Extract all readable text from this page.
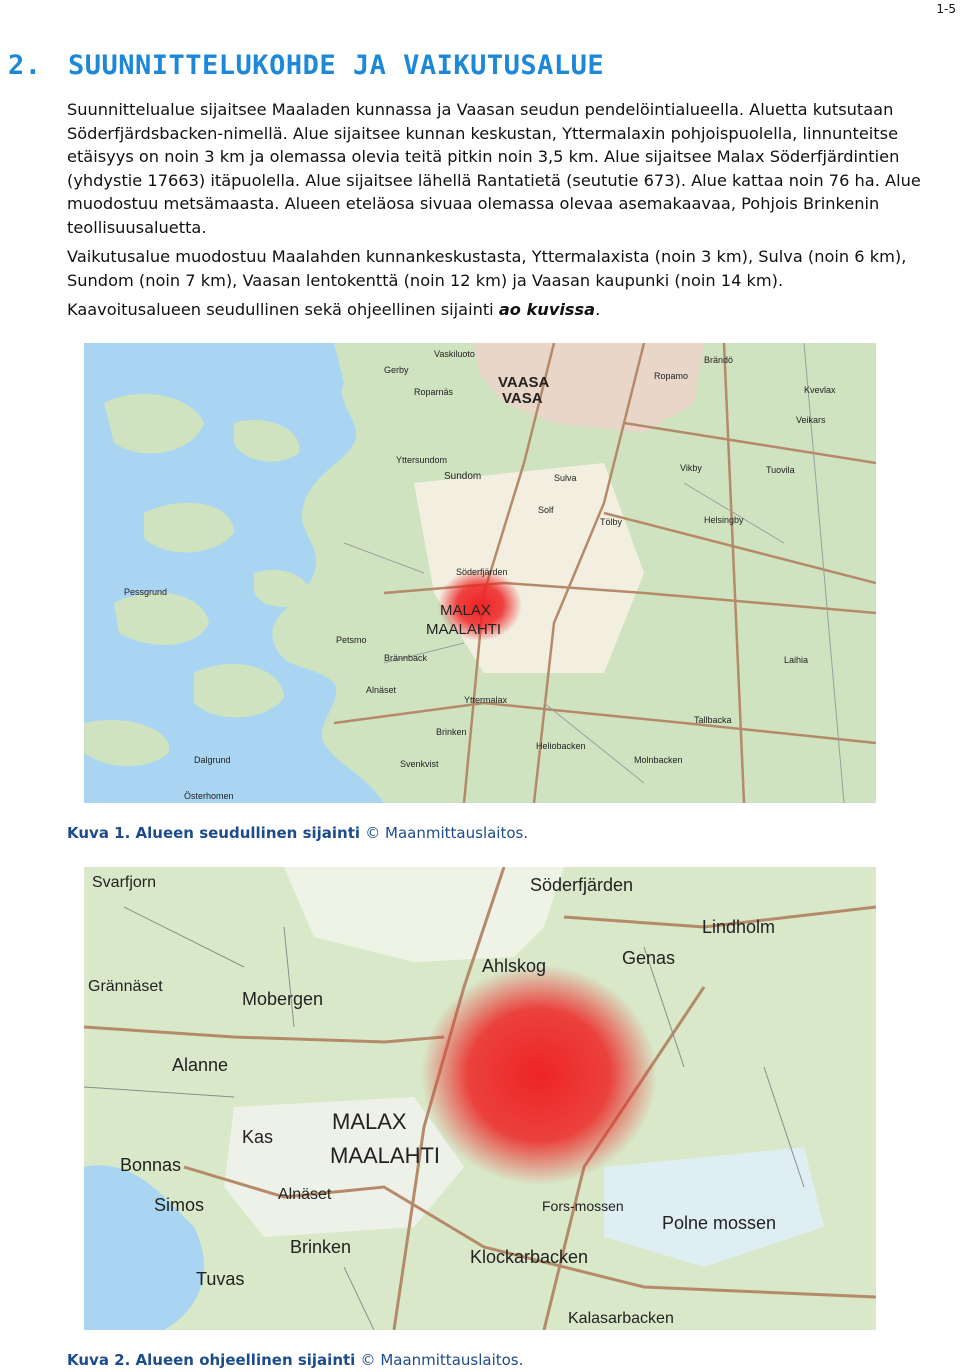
1-5
2. SUUNNITTELUKOHDE JA VAIKUTUSALUE

Suunnittelualue sijaitsee Maaladen kunnassa ja Vaasan seudun pendelöintialueella. Aluetta kutsutaan Söderfjärdsbacken-nimellä. Alue sijaitsee kunnan keskustan, Yttermalaxin pohjoispuolella, linnunteitse etäisyys on noin 3 km ja olemassa olevia teitä pitkin noin 3,5 km. Alue sijaitsee Malax Söderfjärdintien (yhdystie 17663) itäpuolella. Alue sijaitsee lähellä Rantatietä (seututie 673). Alue kattaa noin 76 ha. Alue muodostuu metsämaasta. Alueen eteläosa sivuaa olemassa olevaa asemakaavaa, Pohjois Brinkenin teollisuusaluetta.

Vaikutusalue muodostuu Maalahden kunnankeskustasta, Yttermalaxista (noin 3 km), Sulva (noin 6 km), Sundom (noin 7 km), Vaasan lentokenttä (noin 12 km) ja Vaasan kaupunki (noin 14 km).

Kaavoitusalueen seudullinen sekä ohjeellinen sijainti ao kuvissa.

VAASA
VASA
MALAX
MAALAHTI
Vaskiluoto
Gerby
Brändö
Ropamo
Roparnäs
Yttersundom
Sundom	Sulva
Solf
Tölby
Vikby
Kvevlax
Tuovila
Veikars
Helsingby
Laihia
Söderfjärden
Petsmo
Brännback
Alnäset
Brinken
Svenkvist	Molnbacken
Pessgrund
Dalgrund
Österhomen
Yttermalax
Heliobacken
Tallbacka
Kuva 1. Alueen seudullinen sijainti © Maanmittauslaitos.
Söderfjärden
Lindholm
Svarfjorn
Genas
Ahlskog
Grännäset
Mobergen
Alanne
MALAX
MAALAHTI
Kas
Bonnas
Simos
Alnäset
Fors-mossen
Polne mossen
Brinken	Klockarbacken
Tuvas
Kalasarbacken
Kuva 2. Alueen ohjeellinen sijainti © Maanmittauslaitos.
